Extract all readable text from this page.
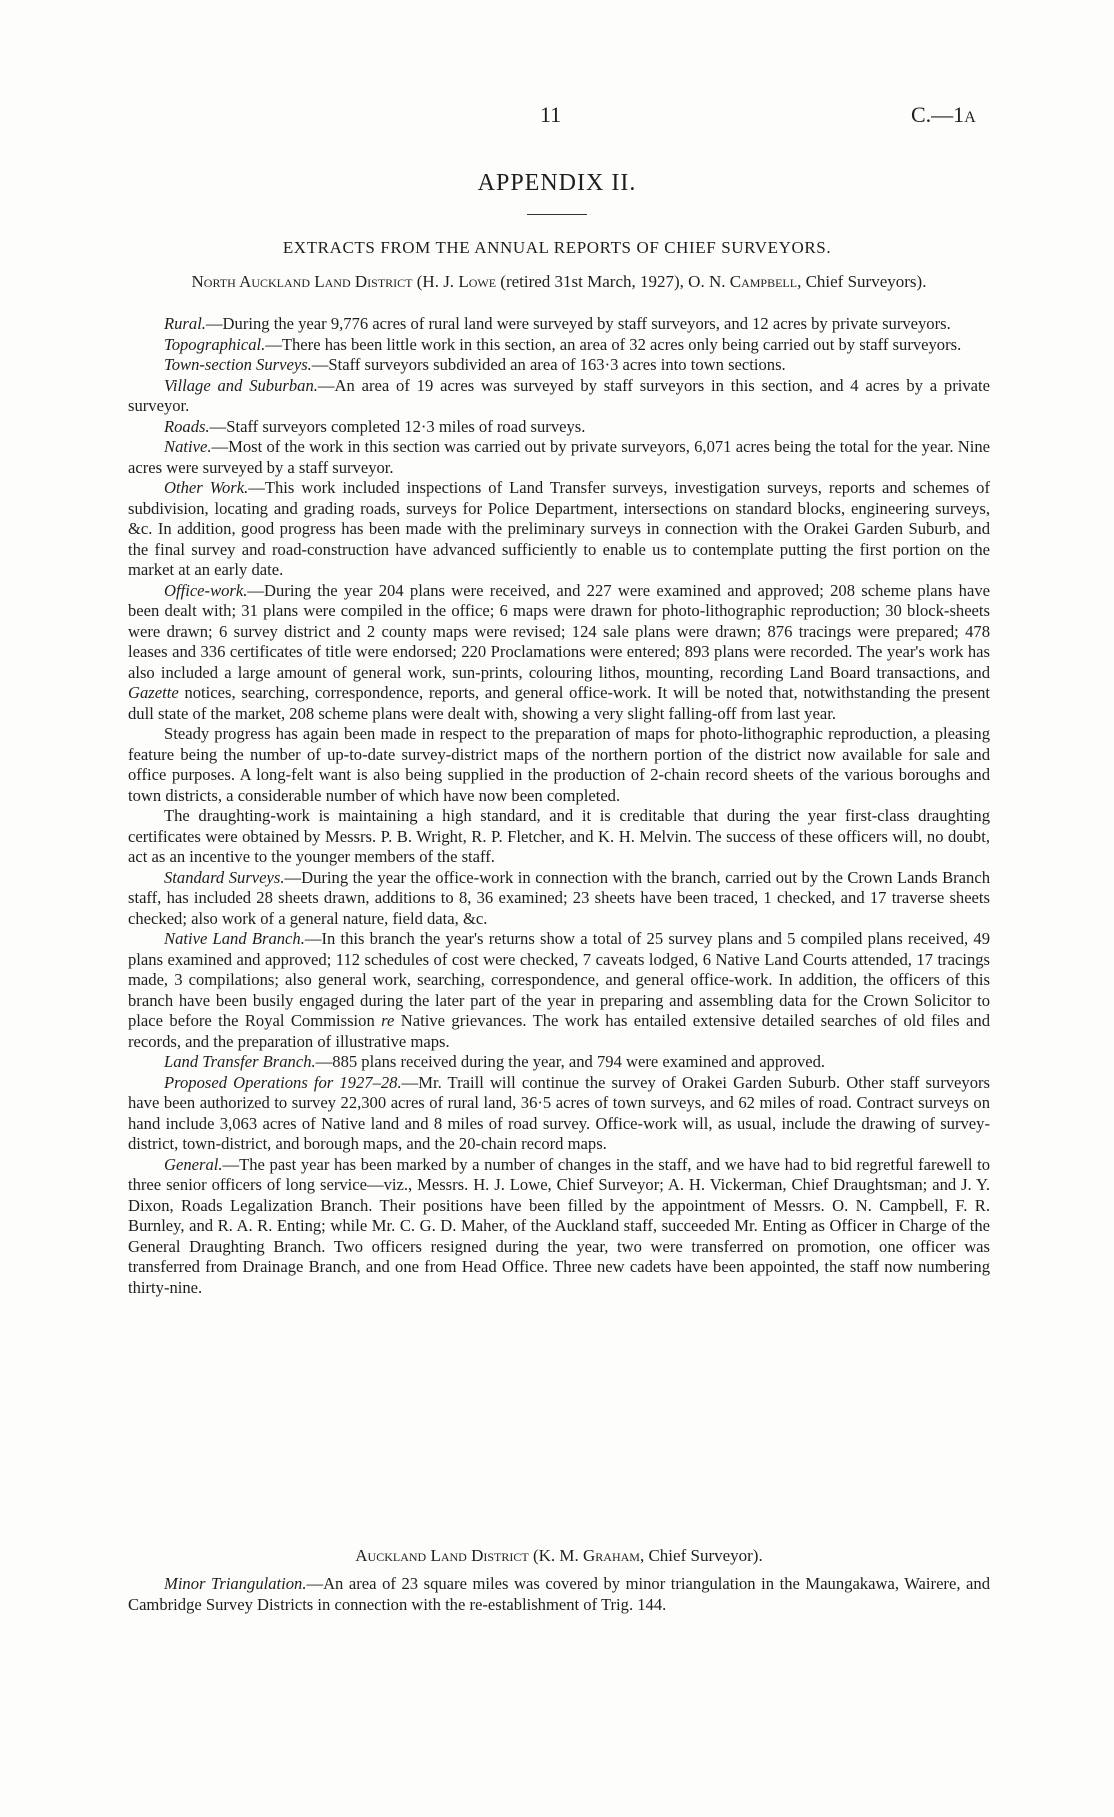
11	C.—1A
APPENDIX II.
EXTRACTS FROM THE ANNUAL REPORTS OF CHIEF SURVEYORS.
North Auckland Land District (H. J. Lowe (retired 31st March, 1927), O. N. Campbell, Chief Surveyors).

Rural.—During the year 9,776 acres of rural land were surveyed by staff surveyors, and 12 acres by private surveyors.

Topographical.—There has been little work in this section, an area of 32 acres only being carried out by staff surveyors.

Town-section Surveys.—Staff surveyors subdivided an area of 163·3 acres into town sections.

Village and Suburban.—An area of 19 acres was surveyed by staff surveyors in this section, and 4 acres by a private surveyor.

Roads.—Staff surveyors completed 12·3 miles of road surveys.

Native.—Most of the work in this section was carried out by private surveyors, 6,071 acres being the total for the year. Nine acres were surveyed by a staff surveyor.

Other Work.—This work included inspections of Land Transfer surveys, investigation surveys, reports and schemes of subdivision, locating and grading roads, surveys for Police Department, intersections on standard blocks, engineering surveys, &c. In addition, good progress has been made with the preliminary surveys in connection with the Orakei Garden Suburb, and the final survey and road-construction have advanced sufficiently to enable us to contemplate putting the first portion on the market at an early date.

Office-work.—During the year 204 plans were received, and 227 were examined and approved; 208 scheme plans have been dealt with; 31 plans were compiled in the office; 6 maps were drawn for photo-lithographic reproduction; 30 block-sheets were drawn; 6 survey district and 2 county maps were revised; 124 sale plans were drawn; 876 tracings were prepared; 478 leases and 336 certificates of title were endorsed; 220 Proclamations were entered; 893 plans were recorded. The year's work has also included a large amount of general work, sun-prints, colouring lithos, mounting, recording Land Board transactions, and Gazette notices, searching, correspondence, reports, and general office-work. It will be noted that, notwithstanding the present dull state of the market, 208 scheme plans were dealt with, showing a very slight falling-off from last year.

Steady progress has again been made in respect to the preparation of maps for photo-lithographic reproduction, a pleasing feature being the number of up-to-date survey-district maps of the northern portion of the district now available for sale and office purposes. A long-felt want is also being supplied in the production of 2-chain record sheets of the various boroughs and town districts, a considerable number of which have now been completed.

The draughting-work is maintaining a high standard, and it is creditable that during the year first-class draughting certificates were obtained by Messrs. P. B. Wright, R. P. Fletcher, and K. H. Melvin. The success of these officers will, no doubt, act as an incentive to the younger members of the staff.

Standard Surveys.—During the year the office-work in connection with the branch, carried out by the Crown Lands Branch staff, has included 28 sheets drawn, additions to 8, 36 examined; 23 sheets have been traced, 1 checked, and 17 traverse sheets checked; also work of a general nature, field data, &c.

Native Land Branch.—In this branch the year's returns show a total of 25 survey plans and 5 compiled plans received, 49 plans examined and approved; 112 schedules of cost were checked, 7 caveats lodged, 6 Native Land Courts attended, 17 tracings made, 3 compilations; also general work, searching, correspondence, and general office-work. In addition, the officers of this branch have been busily engaged during the later part of the year in preparing and assembling data for the Crown Solicitor to place before the Royal Commission re Native grievances. The work has entailed extensive detailed searches of old files and records, and the preparation of illustrative maps.

Land Transfer Branch.—885 plans received during the year, and 794 were examined and approved.

Proposed Operations for 1927–28.—Mr. Traill will continue the survey of Orakei Garden Suburb. Other staff surveyors have been authorized to survey 22,300 acres of rural land, 36·5 acres of town surveys, and 62 miles of road. Contract surveys on hand include 3,063 acres of Native land and 8 miles of road survey. Office-work will, as usual, include the drawing of survey-district, town-district, and borough maps, and the 20-chain record maps.

General.—The past year has been marked by a number of changes in the staff, and we have had to bid regretful farewell to three senior officers of long service—viz., Messrs. H. J. Lowe, Chief Surveyor; A. H. Vickerman, Chief Draughtsman; and J. Y. Dixon, Roads Legalization Branch. Their positions have been filled by the appointment of Messrs. O. N. Campbell, F. R. Burnley, and R. A. R. Enting; while Mr. C. G. D. Maher, of the Auckland staff, succeeded Mr. Enting as Officer in Charge of the General Draughting Branch. Two officers resigned during the year, two were transferred on promotion, one officer was transferred from Drainage Branch, and one from Head Office. Three new cadets have been appointed, the staff now numbering thirty-nine.

Auckland Land District (K. M. Graham, Chief Surveyor).

Minor Triangulation.—An area of 23 square miles was covered by minor triangulation in the Maungakawa, Wairere, and Cambridge Survey Districts in connection with the re-establishment of Trig. 144.
